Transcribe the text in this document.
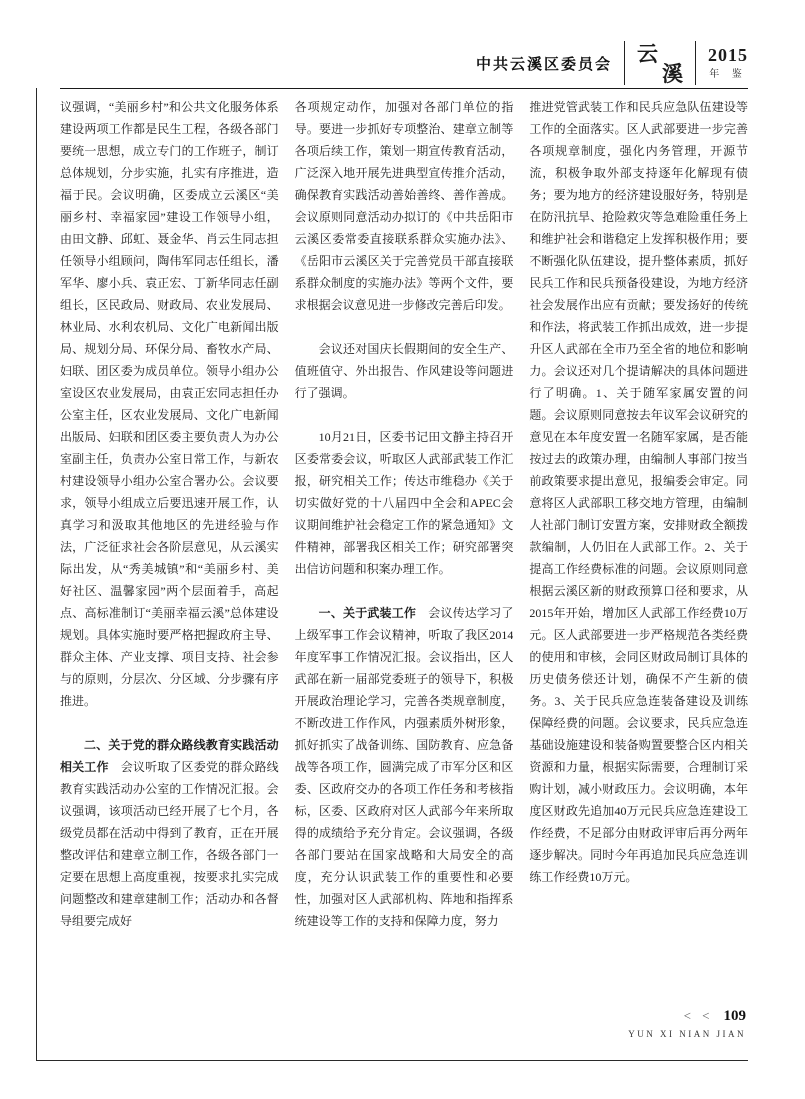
中共云溪区委员会 云
溪
2015
年 鉴

议强调，“美丽乡村”和公共文化服务体系建设两项工作都是民生工程，各级各部门要统一思想，成立专门的工作班子，制订总体规划，分步实施，扎实有序推进，造福于民。会议明确，区委成立云溪区“美丽乡村、幸福家园”建设工作领导小组，由田文静、邱虹、聂金华、肖云生同志担任领导小组顾问，陶伟军同志任组长，潘军华、廖小兵、袁正宏、丁新华同志任副组长，区民政局、财政局、农业发展局、林业局、水利农机局、文化广电新闻出版局、规划分局、环保分局、畜牧水产局、妇联、团区委为成员单位。领导小组办公室设区农业发展局，由袁正宏同志担任办公室主任，区农业发展局、文化广电新闻出版局、妇联和团区委主要负责人为办公室副主任，负责办公室日常工作，与新农村建设领导小组办公室合署办公。会议要求，领导小组成立后要迅速开展工作，认真学习和汲取其他地区的先进经验与作法，广泛征求社会各阶层意见，从云溪实际出发，从“秀美城镇”和“美丽乡村、美好社区、温馨家园”两个层面着手，高起点、高标准制订“美丽幸福云溪”总体建设规划。具体实施时要严格把握政府主导、群众主体、产业支撑、项目支持、社会参与的原则，分层次、分区域、分步骤有序推进。

二、关于党的群众路线教育实践活动相关工作　会议听取了区委党的群众路线教育实践活动办公室的工作情况汇报。会议强调，该项活动已经开展了七个月，各级党员都在活动中得到了教育，正在开展整改评估和建章立制工作，各级各部门一定要在思想上高度重视，按要求扎实完成问题整改和建章建制工作；活动办和各督导组要完成好

各项规定动作，加强对各部门单位的指导。要进一步抓好专项整治、建章立制等各项后续工作，策划一期宣传教育活动，广泛深入地开展先进典型宣传推介活动，确保教育实践活动善始善终、善作善成。会议原则同意活动办拟订的《中共岳阳市云溪区委常委直接联系群众实施办法》、《岳阳市云溪区关于完善党员干部直接联系群众制度的实施办法》等两个文件，要求根据会议意见进一步修改完善后印发。

会议还对国庆长假期间的安全生产、值班值守、外出报告、作风建设等问题进行了强调。

10月21日，区委书记田文静主持召开区委常委会议，听取区人武部武装工作汇报，研究相关工作；传达市维稳办《关于切实做好党的十八届四中全会和APEC会议期间维护社会稳定工作的紧急通知》文件精神，部署我区相关工作；研究部署突出信访问题和积案办理工作。

一、关于武装工作　会议传达学习了上级军事工作会议精神，听取了我区2014年度军事工作情况汇报。会议指出，区人武部在新一届部党委班子的领导下，积极开展政治理论学习，完善各类规章制度，不断改进工作作风，内强素质外树形象，抓好抓实了战备训练、国防教育、应急备战等各项工作，圆满完成了市军分区和区委、区政府交办的各项工作任务和考核指标，区委、区政府对区人武部今年来所取得的成绩给予充分肯定。会议强调，各级各部门要站在国家战略和大局安全的高度，充分认识武装工作的重要性和必要性，加强对区人武部机构、阵地和指挥系统建设等工作的支持和保障力度，努力

推进党管武装工作和民兵应急队伍建设等工作的全面落实。区人武部要进一步完善各项规章制度，强化内务管理，开源节流，积极争取外部支持逐年化解现有债务；要为地方的经济建设服好务，特别是在防汛抗旱、抢险救灾等急难险重任务上和维护社会和谐稳定上发挥积极作用；要不断强化队伍建设，提升整体素质，抓好民兵工作和民兵预备役建设，为地方经济社会发展作出应有贡献；要发扬好的传统和作法，将武装工作抓出成效，进一步提升区人武部在全市乃至全省的地位和影响力。会议还对几个提请解决的具体问题进行了明确。1、关于随军家属安置的问题。会议原则同意按去年议军会议研究的意见在本年度安置一名随军家属，是否能按过去的政策办理，由编制人事部门按当前政策要求提出意见，报编委会审定。同意将区人武部职工移交地方管理，由编制人社部门制订安置方案，安排财政全额拨款编制，人仍旧在人武部工作。2、关于提高工作经费标准的问题。会议原则同意根据云溪区新的财政预算口径和要求，从2015年开始，增加区人武部工作经费10万元。区人武部要进一步严格规范各类经费的使用和审核，会同区财政局制订具体的历史债务偿还计划，确保不产生新的债务。3、关于民兵应急连装备建设及训练保障经费的问题。会议要求，民兵应急连基础设施建设和装备购置要整合区内相关资源和力量，根据实际需要，合理制订采购计划，减小财政压力。会议明确，本年度区财政先追加40万元民兵应急连建设工作经费，不足部分由财政评审后再分两年逐步解决。同时今年再追加民兵应急连训练工作经费10万元。

< < 109
YUN XI NIAN JIAN
